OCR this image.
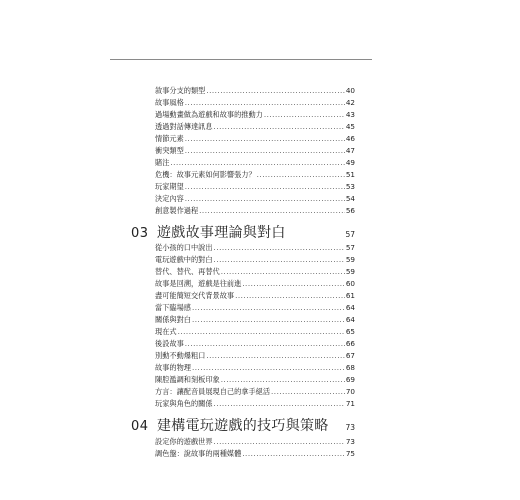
敘事分支的類型 .....	40
故事風格 .....	42
過場動畫做為遊戲和故事的推動力 .....	43
透過對話傳達訊息 .....	45
情節元素 .....	46
衝突類型 .....	47
賭注 .....	49
危機：故事元素如何影響張力？ .....	51
玩家期望 .....	53
決定內容 .....	54
創意製作過程 .....	56
03 遊戲故事理論與對白	57
從小孩的口中說出 .....	57
電玩遊戲中的對白 .....	59
替代、替代、再替代 .....	59
故事是回溯，遊戲是往前進 .....	60
盡可能簡短交代背景故事 .....	61
當下臨場感 .....	64
關係與對白 .....	64
現在式 .....	65
後設故事 .....	66
別動不動爆粗口 .....	67
故事的物理 .....	68
陳腔濫調和刻板印象 .....	69
方言：讓配音員展現自己的拿手絕活 .....	70
玩家與角色的關係 .....	71
04 建構電玩遊戲的技巧與策略	73
設定你的遊戲世界 .....	73
調色盤：說故事的兩種媒體 .....	75
